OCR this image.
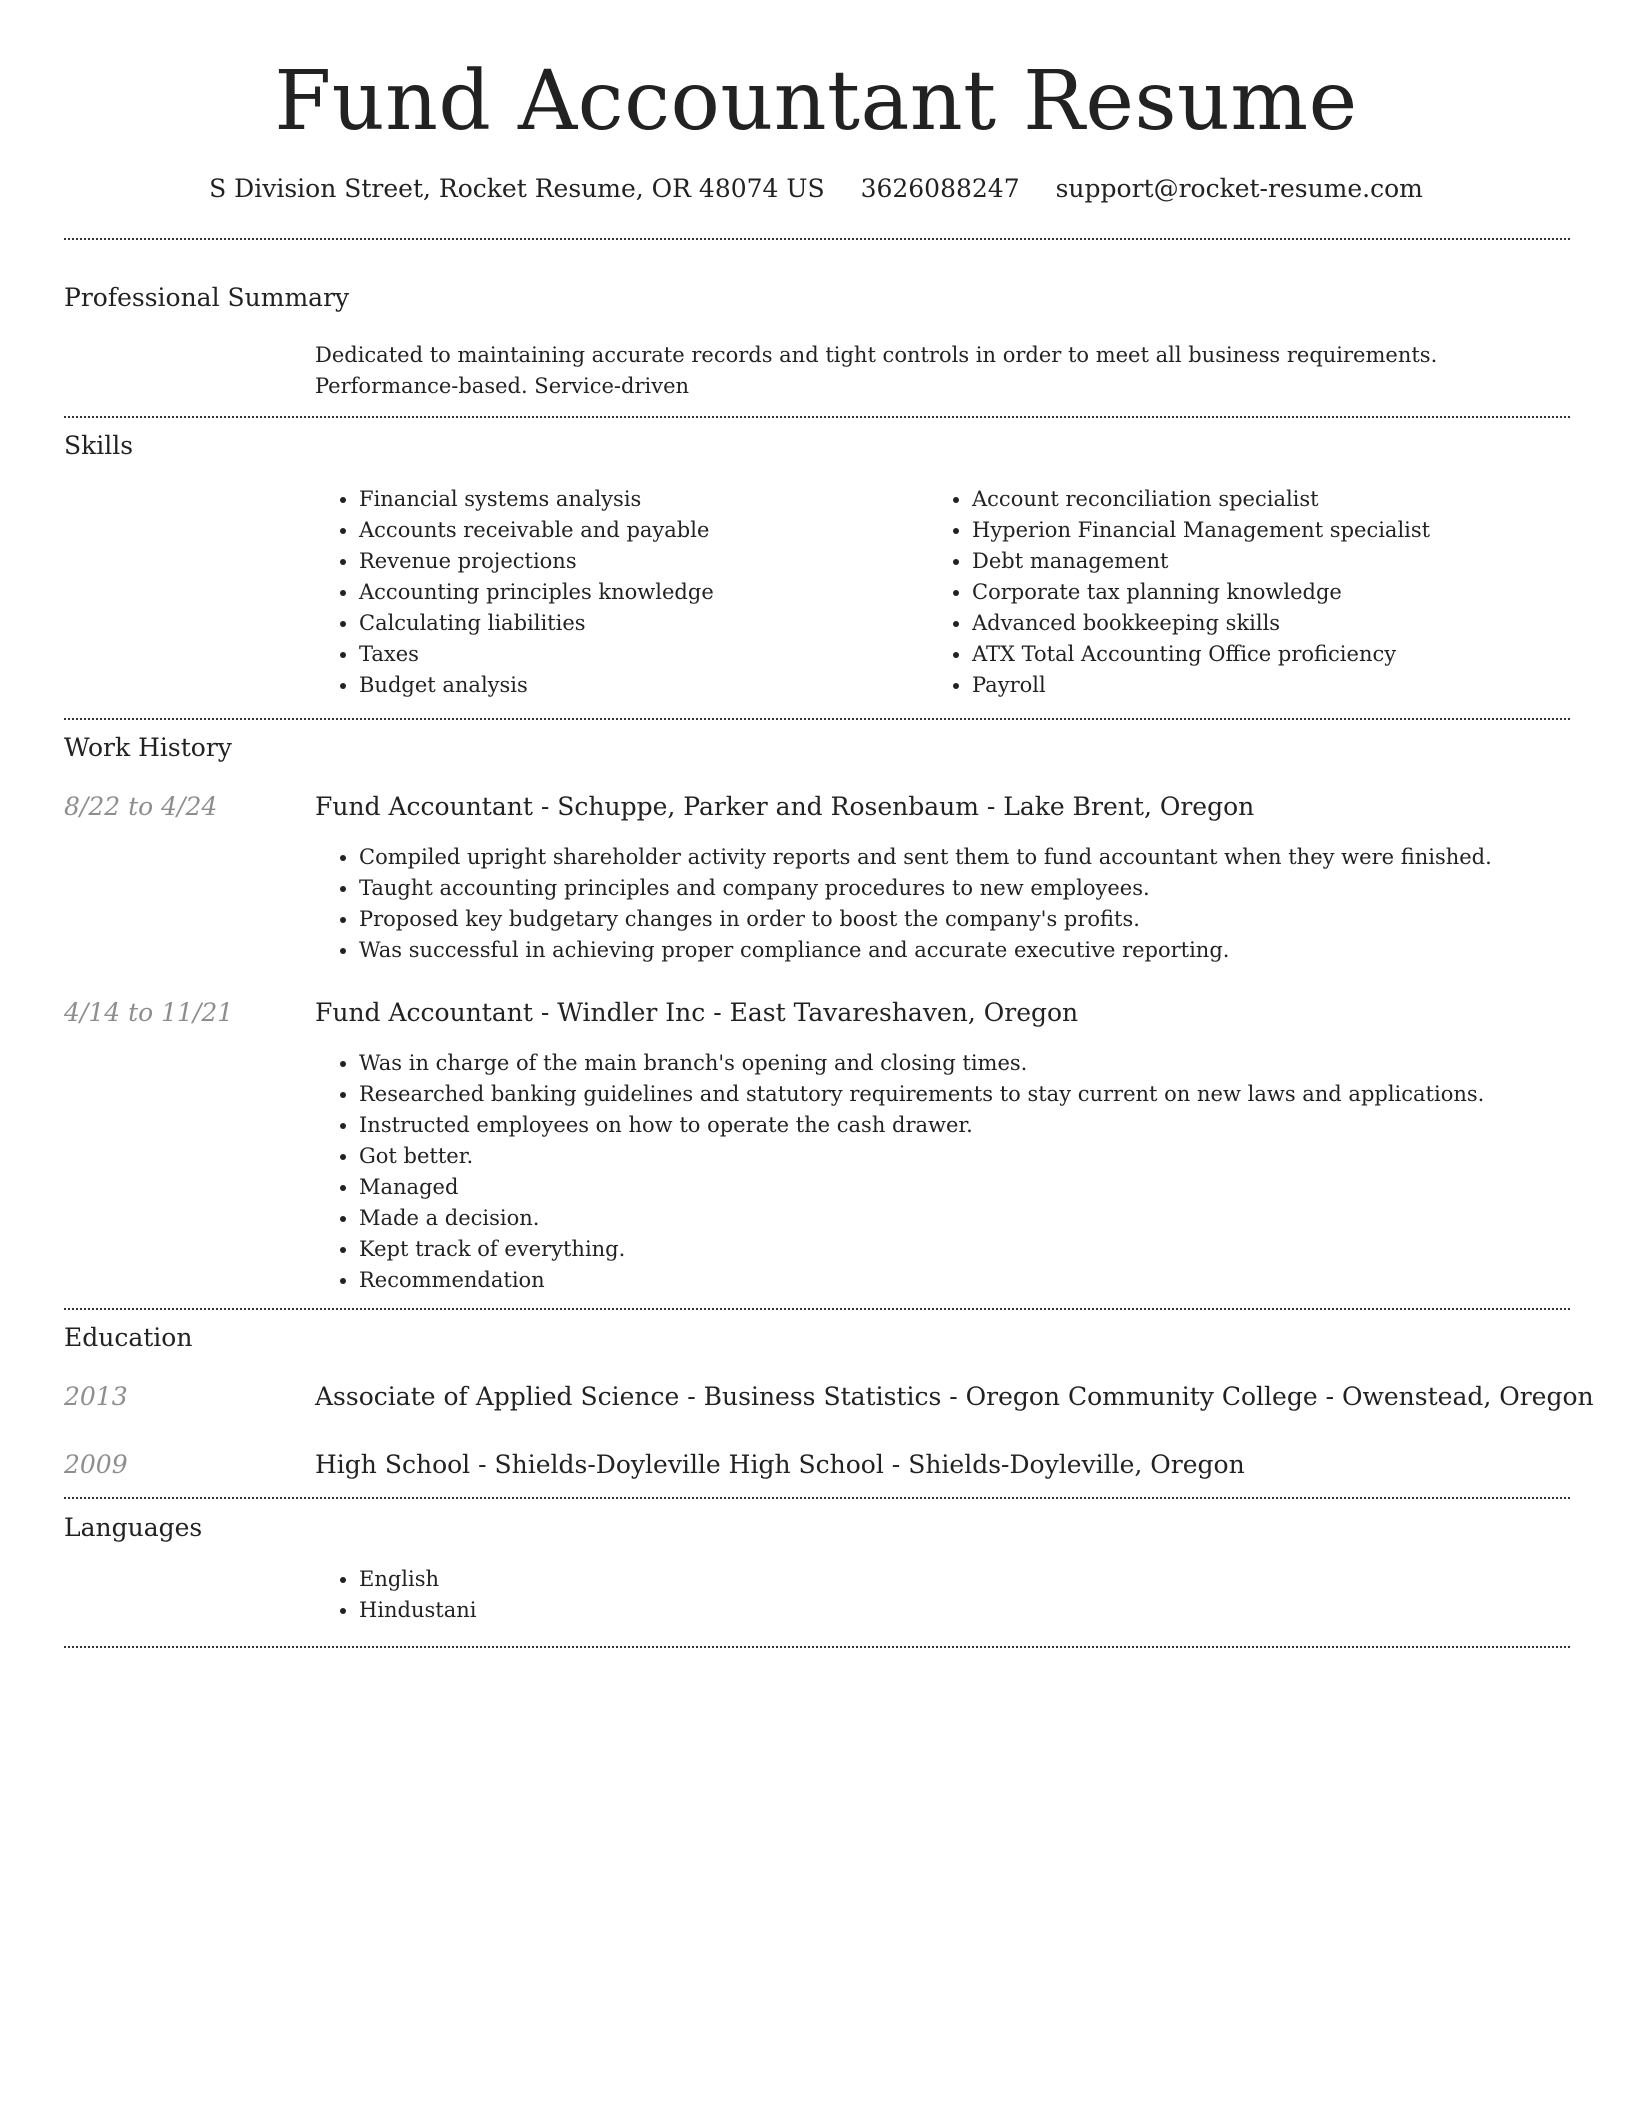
Fund Accountant Resume
S Division Street, Rocket Resume, OR 48074 US 3626088247 support@rocket-resume.com
Professional Summary

Dedicated to maintaining accurate records and tight controls in order to meet all business requirements. Performance-based. Service-driven

Skills
• Financial systems analysis
• Accounts receivable and payable
• Revenue projections
• Accounting principles knowledge
• Calculating liabilities
• Taxes
• Budget analysis
• Account reconciliation specialist
• Hyperion Financial Management specialist
• Debt management
• Corporate tax planning knowledge
• Advanced bookkeeping skills
• ATX Total Accounting Office proficiency
• Payroll
Work History
8/22 to 4/24	Fund Accountant - Schuppe, Parker and Rosenbaum - Lake Brent, Oregon
• Compiled upright shareholder activity reports and sent them to fund accountant when they were finished.
• Taught accounting principles and company procedures to new employees.
• Proposed key budgetary changes in order to boost the company's profits.
• Was successful in achieving proper compliance and accurate executive reporting.
4/14 to 11/21	Fund Accountant - Windler Inc - East Tavareshaven, Oregon
• Was in charge of the main branch's opening and closing times.
• Researched banking guidelines and statutory requirements to stay current on new laws and applications.
• Instructed employees on how to operate the cash drawer.
• Got better.
• Managed
• Made a decision.
• Kept track of everything.
• Recommendation
Education
2013	Associate of Applied Science - Business Statistics - Oregon Community College - Owenstead, Oregon
2009	High School - Shields-Doyleville High School - Shields-Doyleville, Oregon
Languages
• English
• Hindustani
